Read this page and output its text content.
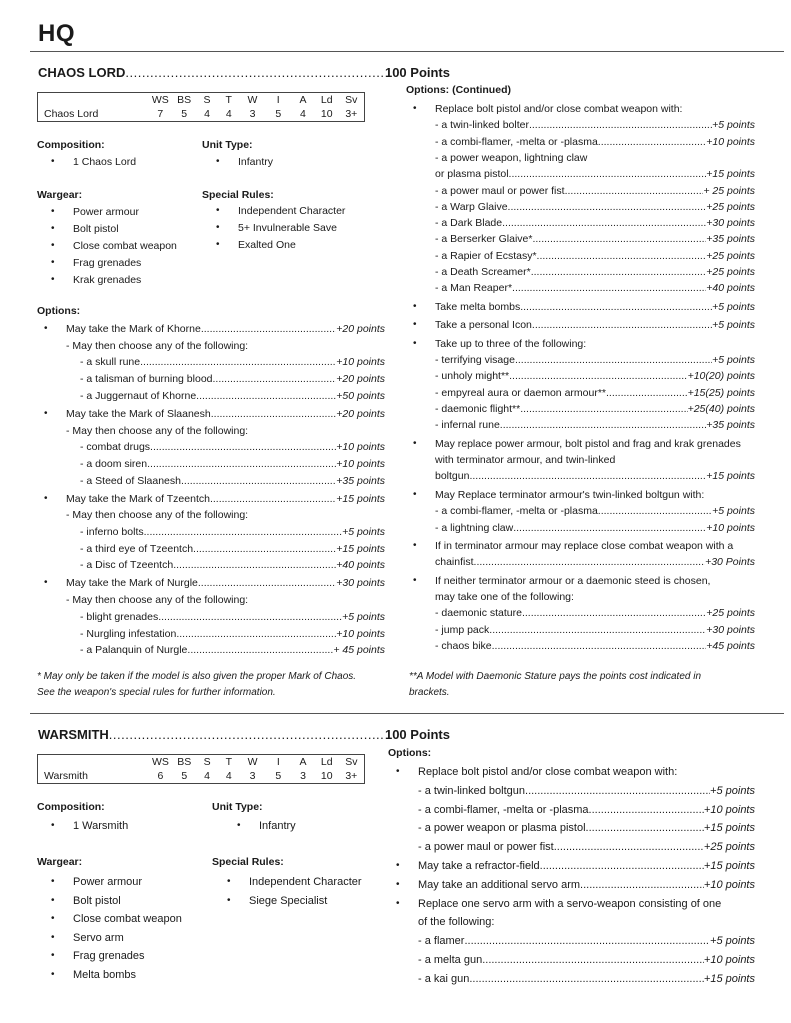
HQ
CHAOS LORD .....	100 Points
	WS	BS	S	T	W	I	A	Ld	Sv
Chaos Lord	7	5	4	4	3	5	4	10	3+
Composition:	Unit Type:
• 1 Chaos Lord	• Infantry
Wargear:	Special Rules:
• Power armour
• Bolt pistol
• Close combat weapon
• Frag grenades
• Krak grenades
• Independent Character
• 5+ Invulnerable Save
• Exalted One
Options:
• May take the Mark of Khorne .....	+20 points
- May then choose any of the following:
- a skull rune .....	+10 points
- a talisman of burning blood .....	+20 points
- a Juggernaut of Khorne .....	+50 points
• May take the Mark of Slaanesh .....	+20 points
- May then choose any of the following:
- combat drugs .....	+10 points
- a doom siren .....	+10 points
- a Steed of Slaanesh .....	+35 points
• May take the Mark of Tzeentch .....	+15 points
- May then choose any of the following:
- inferno bolts .....	+5 points
- a third eye of Tzeentch .....	+15 points
- a Disc of Tzeentch .....	+40 points
• May take the Mark of Nurgle .....	+30 points
- May then choose any of the following:
- blight grenades .....	+5 points
- Nurgling infestation .....	+10 points
- a Palanquin of Nurgle .....	+ 45 points
Options: (Continued)
• Replace bolt pistol and/or close combat weapon with:
- a twin-linked bolter .....	+5 points
- a combi-flamer, -melta or -plasma .....	+10 points
- a power weapon, lightning claw
or plasma pistol .....	+15 points
- a power maul or power fist .....	+ 25 points
- a Warp Glaive .....	+25 points
- a Dark Blade .....	+30 points
- a Berserker Glaive* .....	+35 points
- a Rapier of Ecstasy* .....	+25 points
- a Death Screamer* .....	+25 points
- a Man Reaper* .....	+40 points
• Take melta bombs .....	+5 points
• Take a personal Icon .....	+5 points
• Take up to three of the following:
- terrifying visage .....	+5 points
- unholy might** .....	+10(20) points
- empyreal aura or daemon armour** .....	+15(25) points
- daemonic flight** .....	+25(40) points
- infernal rune .....	+35 points
• May replace power armour, bolt pistol and frag and krak grenades
with terminator armour, and twin-linked
boltgun .....	+15 points
• May Replace terminator armour's twin-linked boltgun with:
- a combi-flamer, -melta or -plasma .....	+5 points
- a lightning claw .....	+10 points
• If in terminator armour may replace close combat weapon with a
chainfist .....	+30 Points
• If neither terminator armour or a daemonic steed is chosen,
may take one of the following:
- daemonic stature .....	+25 points
- jump pack .....	+30 points
- chaos bike .....	+45 points
* May only be taken if the model is also given the proper Mark of Chaos.
See the weapon's special rules for further information.
**A Model with Daemonic Stature pays the points cost indicated in
brackets.
WARSMITH .....	100 Points
	WS	BS	S	T	W	I	A	Ld	Sv
Warsmith	6	5	4	4	3	5	3	10	3+
Composition:	Unit Type:
• 1 Warsmith	• Infantry
Wargear:	Special Rules:
• Power armour
• Bolt pistol
• Close combat weapon
• Servo arm
• Frag grenades
• Melta bombs
• Independent Character
• Siege Specialist
Options:
• Replace bolt pistol and/or close combat weapon with:
- a twin-linked boltgun .....	+5 points
- a combi-flamer, -melta or -plasma .....	+10 points
- a power weapon or plasma pistol .....	+15 points
- a power maul or power fist .....	+25 points
• May take a refractor-field .....	+15 points
• May take an additional servo arm .....	+10 points
• Replace one servo arm with a servo-weapon consisting of one
of the following:
- a flamer .....	+5 points
- a melta gun .....	+10 points
- a kai gun .....	+15 points
